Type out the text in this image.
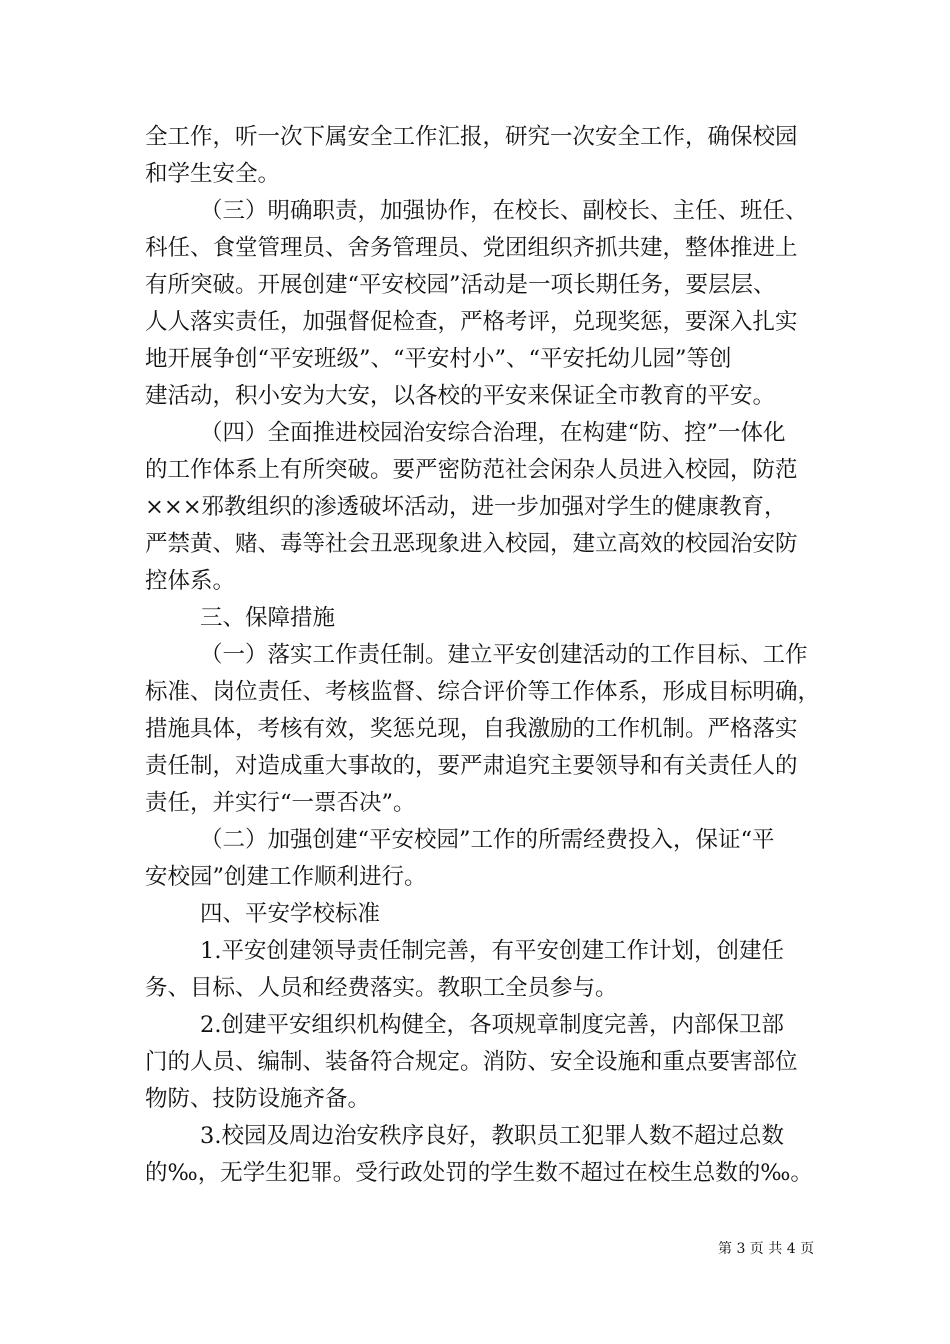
全工作，听一次下属安全工作汇报，研究一次安全工作，确保校园
和学生安全。
（三）明确职责，加强协作，在校长、副校长、主任、班任、
科任、食堂管理员、舍务管理员、党团组织齐抓共建，整体推进上
有所突破。开展创建“平安校园”活动是一项长期任务，要层层、
人人落实责任，加强督促检查，严格考评，兑现奖惩，要深入扎实
地开展争创“平安班级”、“平安村小”、“平安托幼儿园”等创
建活动，积小安为大安，以各校的平安来保证全市教育的平安。
（四）全面推进校园治安综合治理，在构建“防、控”一体化
的工作体系上有所突破。要严密防范社会闲杂人员进入校园，防范
×××邪教组织的渗透破坏活动，进一步加强对学生的健康教育，
严禁黄、赌、毒等社会丑恶现象进入校园，建立高效的校园治安防
控体系。
三、保障措施
（一）落实工作责任制。建立平安创建活动的工作目标、工作
标准、岗位责任、考核监督、综合评价等工作体系，形成目标明确，
措施具体，考核有效，奖惩兑现，自我激励的工作机制。严格落实
责任制，对造成重大事故的，要严肃追究主要领导和有关责任人的
责任，并实行“一票否决”。
（二）加强创建“平安校园”工作的所需经费投入，保证“平
安校园”创建工作顺利进行。
四、平安学校标准
1.平安创建领导责任制完善，有平安创建工作计划，创建任
务、目标、人员和经费落实。教职工全员参与。
2.创建平安组织机构健全，各项规章制度完善，内部保卫部
门的人员、编制、装备符合规定。消防、安全设施和重点要害部位
物防、技防设施齐备。
3.校园及周边治安秩序良好，教职员工犯罪人数不超过总数
的‰，无学生犯罪。受行政处罚的学生数不超过在校生总数的‰。
第 3 页 共 4 页
